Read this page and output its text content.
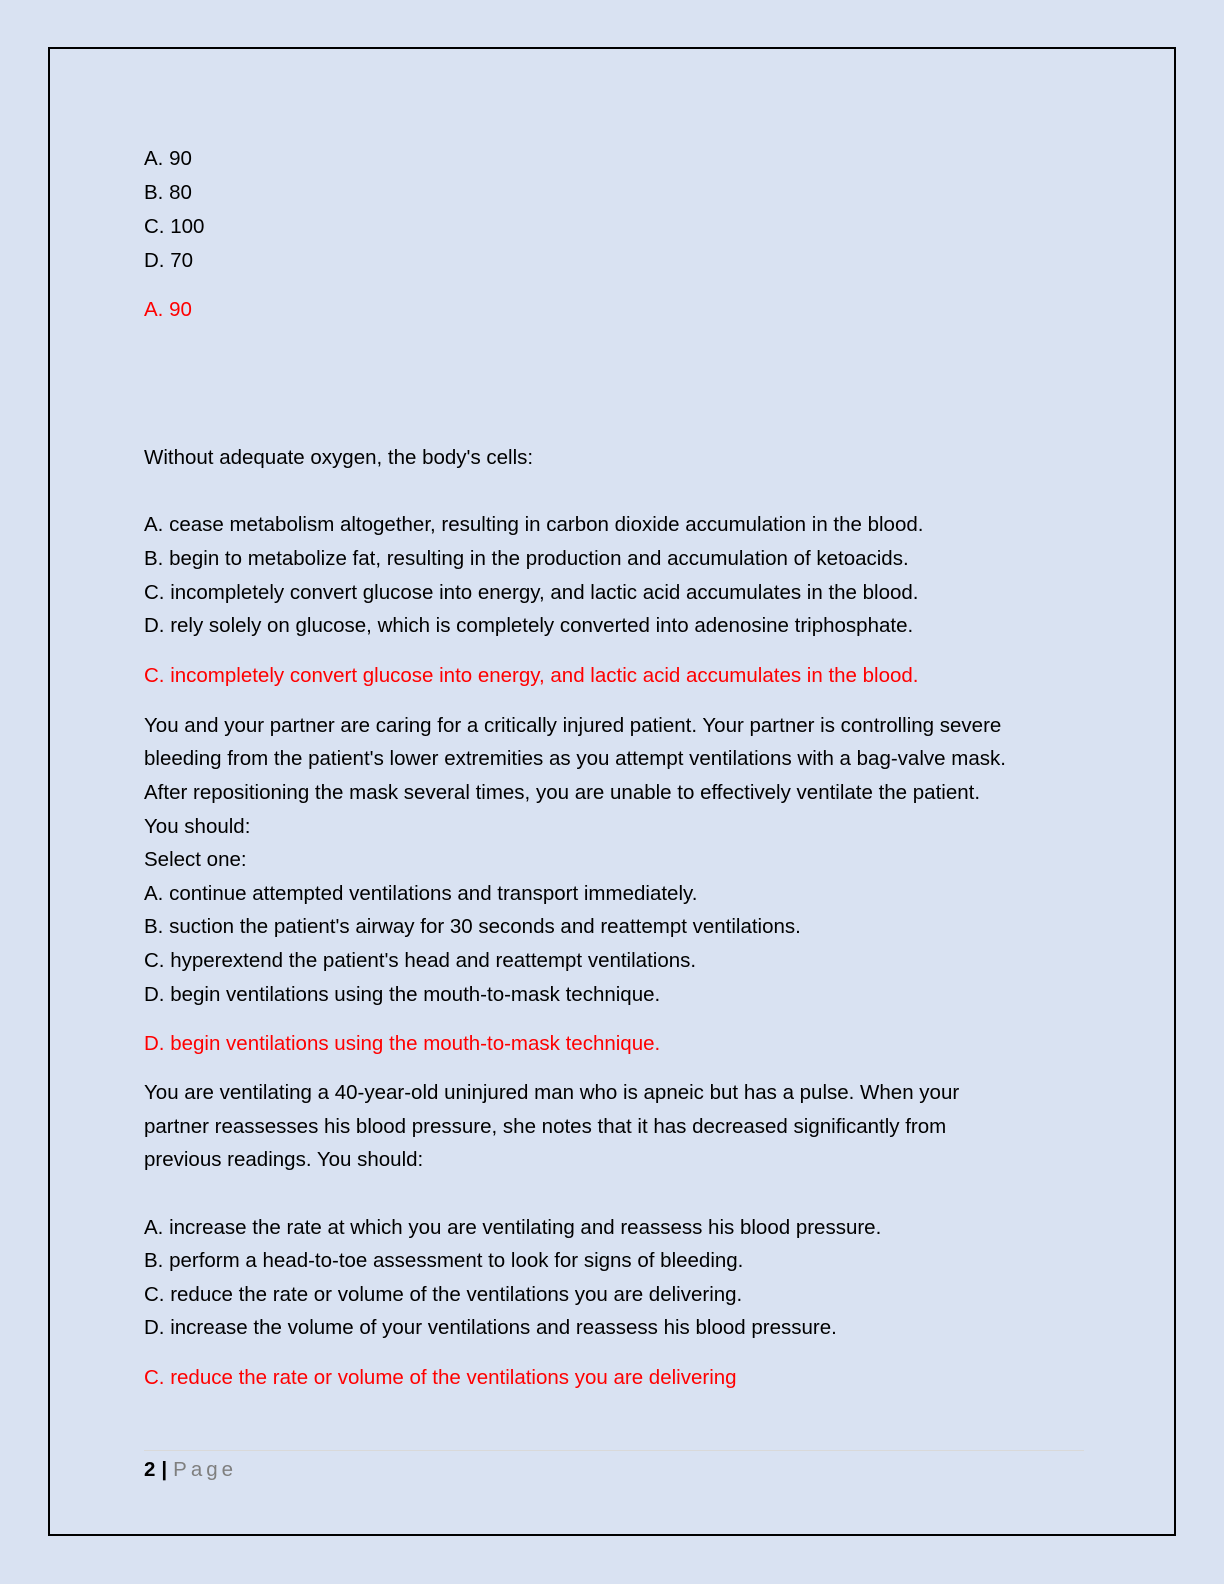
A. 90
B. 80
C. 100
D. 70
A. 90
Without adequate oxygen, the body's cells:
A. cease metabolism altogether, resulting in carbon dioxide accumulation in the blood.
B. begin to metabolize fat, resulting in the production and accumulation of ketoacids.
C. incompletely convert glucose into energy, and lactic acid accumulates in the blood.
D. rely solely on glucose, which is completely converted into adenosine triphosphate.
C. incompletely convert glucose into energy, and lactic acid accumulates in the blood.
You and your partner are caring for a critically injured patient. Your partner is controlling severe
bleeding from the patient's lower extremities as you attempt ventilations with a bag-valve mask.
After repositioning the mask several times, you are unable to effectively ventilate the patient.
You should:
Select one:
A. continue attempted ventilations and transport immediately.
B. suction the patient's airway for 30 seconds and reattempt ventilations.
C. hyperextend the patient's head and reattempt ventilations.
D. begin ventilations using the mouth-to-mask technique.
D. begin ventilations using the mouth-to-mask technique.
You are ventilating a 40-year-old uninjured man who is apneic but has a pulse. When your
partner reassesses his blood pressure, she notes that it has decreased significantly from
previous readings. You should:
A. increase the rate at which you are ventilating and reassess his blood pressure.
B. perform a head-to-toe assessment to look for signs of bleeding.
C. reduce the rate or volume of the ventilations you are delivering.
D. increase the volume of your ventilations and reassess his blood pressure.
C. reduce the rate or volume of the ventilations you are delivering
2 | Page
